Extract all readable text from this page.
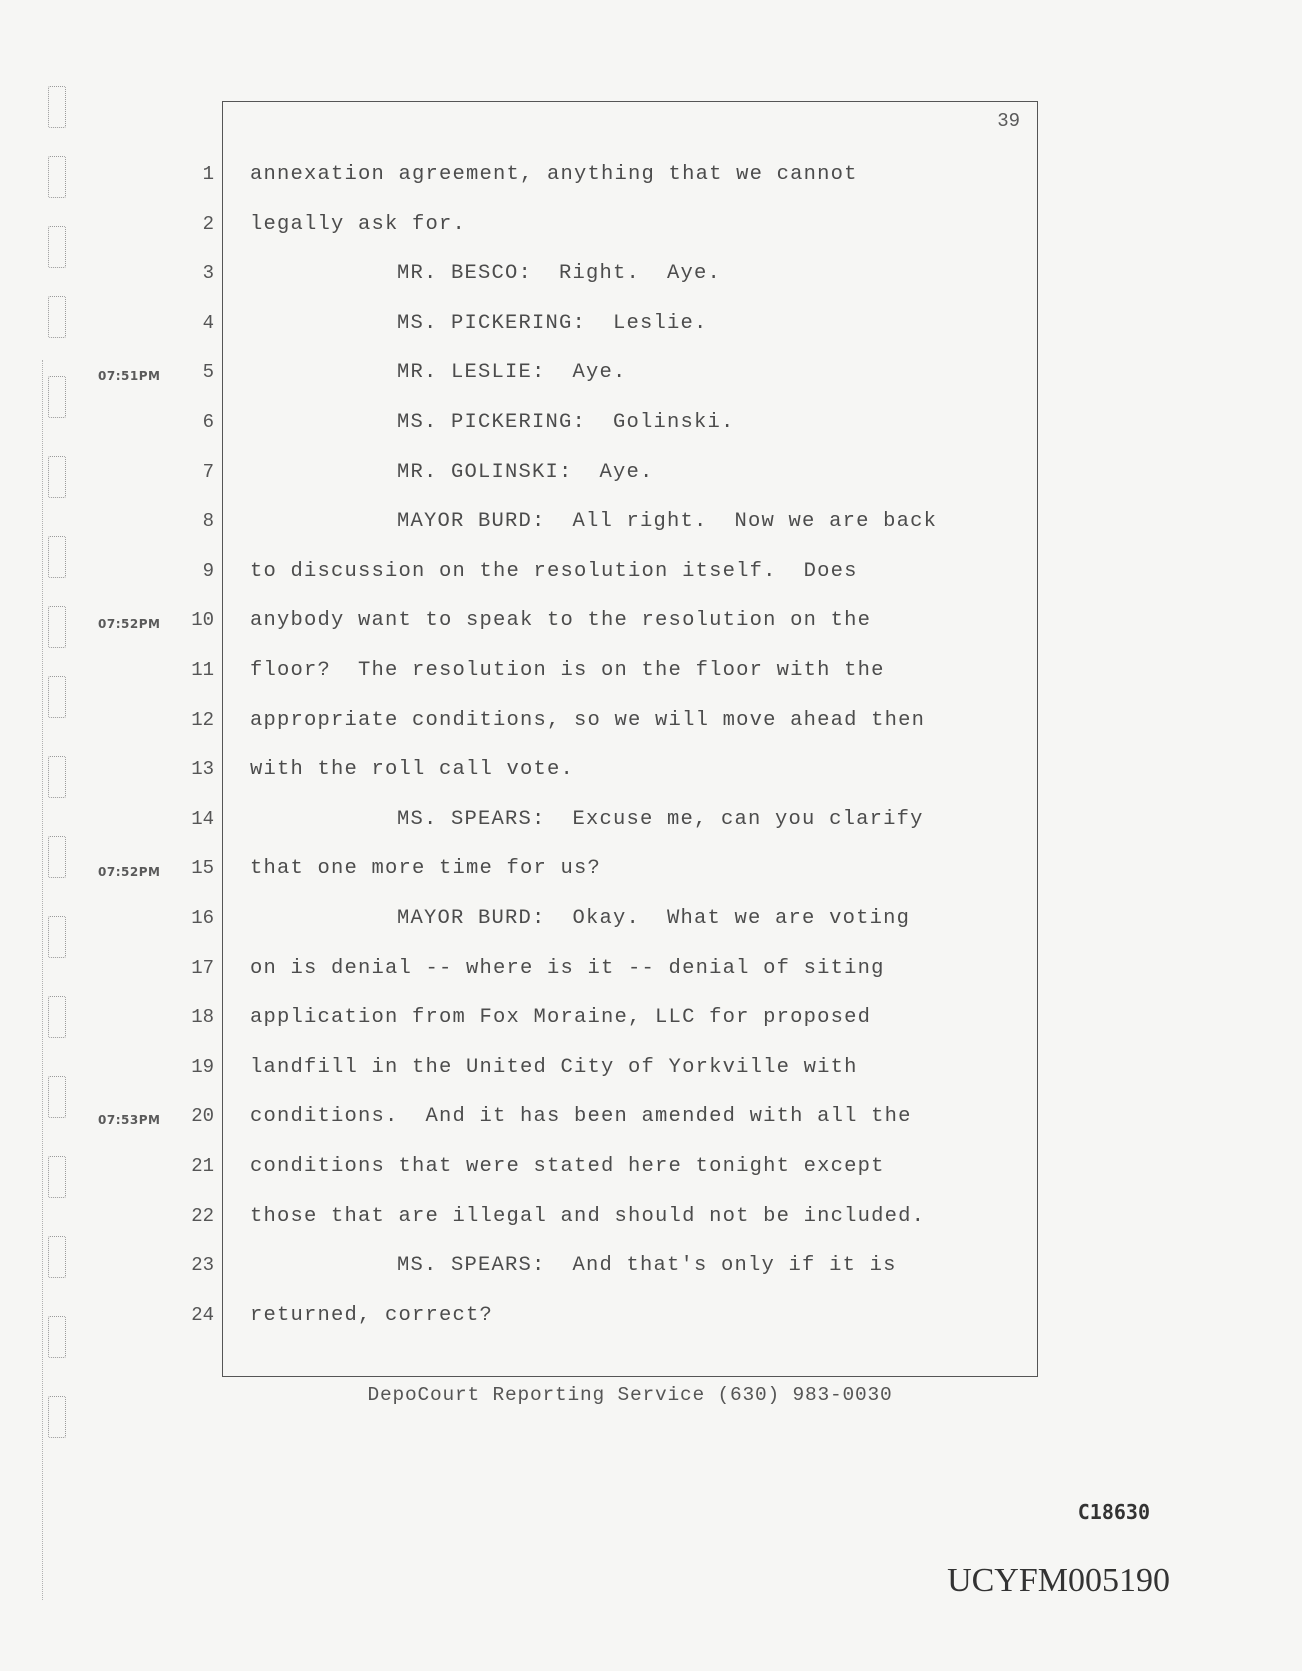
39
1 annexation agreement, anything that we cannot
2 legally ask for.
3	MR. BESCO:  Right.  Aye.
4	MS. PICKERING:  Leslie.
07:51PM	5	MR. LESLIE:  Aye.
6	MS. PICKERING:  Golinski.
7	MR. GOLINSKI:  Aye.
8	MAYOR BURD:  All right.  Now we are back
9 to discussion on the resolution itself.  Does
07:52PM	10 anybody want to speak to the resolution on the
11 floor?  The resolution is on the floor with the
12 appropriate conditions, so we will move ahead then
13 with the roll call vote.
14	MS. SPEARS:  Excuse me, can you clarify
07:52PM	15 that one more time for us?
16	MAYOR BURD:  Okay.  What we are voting
17 on is denial -- where is it -- denial of siting
18 application from Fox Moraine, LLC for proposed
19 landfill in the United City of Yorkville with
07:53PM	20 conditions.  And it has been amended with all the
21 conditions that were stated here tonight except
22 those that are illegal and should not be included.
23	MS. SPEARS:  And that's only if it is
24 returned, correct?
DepoCourt Reporting Service (630) 983-0030
C18630
UCYFM005190
